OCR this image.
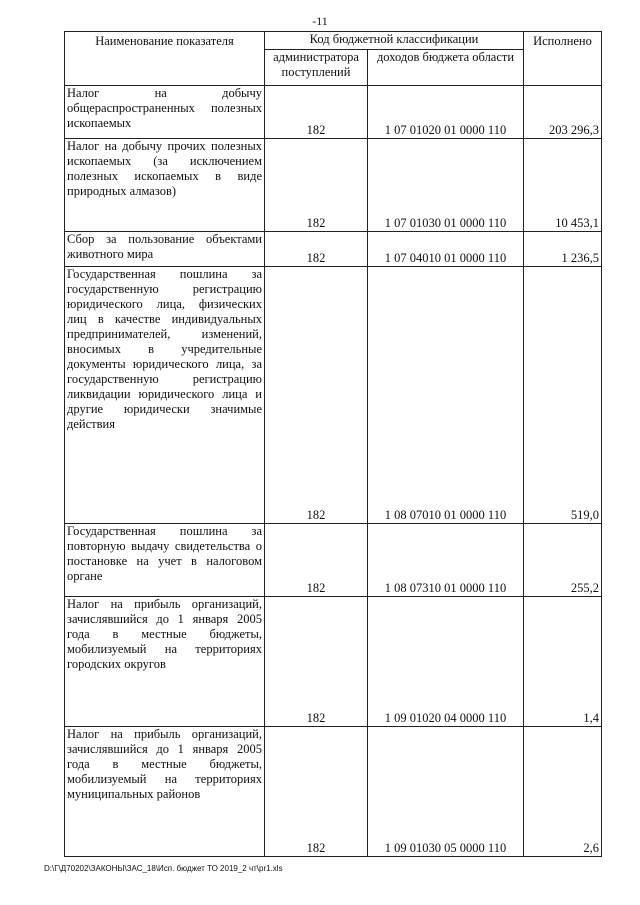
-11
Наименование показателя	Код бюджетной классификации		Исполнено
	администратора поступлений	доходов бюджета области	
Налог на добычу общераспространенных полезных ископаемых	182	1 07 01020 01 0000 110	203 296,3
Налог на добычу прочих полезных ископаемых (за исключением полезных ископаемых в виде природных алмазов)	182	1 07 01030 01 0000 110	10 453,1
Сбор за пользование объектами животного мира	182	1 07 04010 01 0000 110	1 236,5
Государственная пошлина за государственную регистрацию юридического лица, физических лиц в качестве индивидуальных предпринимателей, изменений, вносимых в учредительные документы юридического лица, за государственную регистрацию ликвидации юридического лица и другие юридически значимые действия	182	1 08 07010 01 0000 110	519,0
Государственная пошлина за повторную выдачу свидетельства о постановке на учет в налоговом органе	182	1 08 07310 01 0000 110	255,2
Налог на прибыль организаций, зачислявшийся до 1 января 2005 года в местные бюджеты, мобилизуемый на территориях городских округов	182	1 09 01020 04 0000 110	1,4
Налог на прибыль организаций, зачислявшийся до 1 января 2005 года в местные бюджеты, мобилизуемый на территориях муниципальных районов	182	1 09 01030 05 0000 110	2,6
D:\Г\Д70202\ЗАКОНЫ\ЗАС_18\Исп. бюджет ТО 2019_2 чт\pr1.xls
